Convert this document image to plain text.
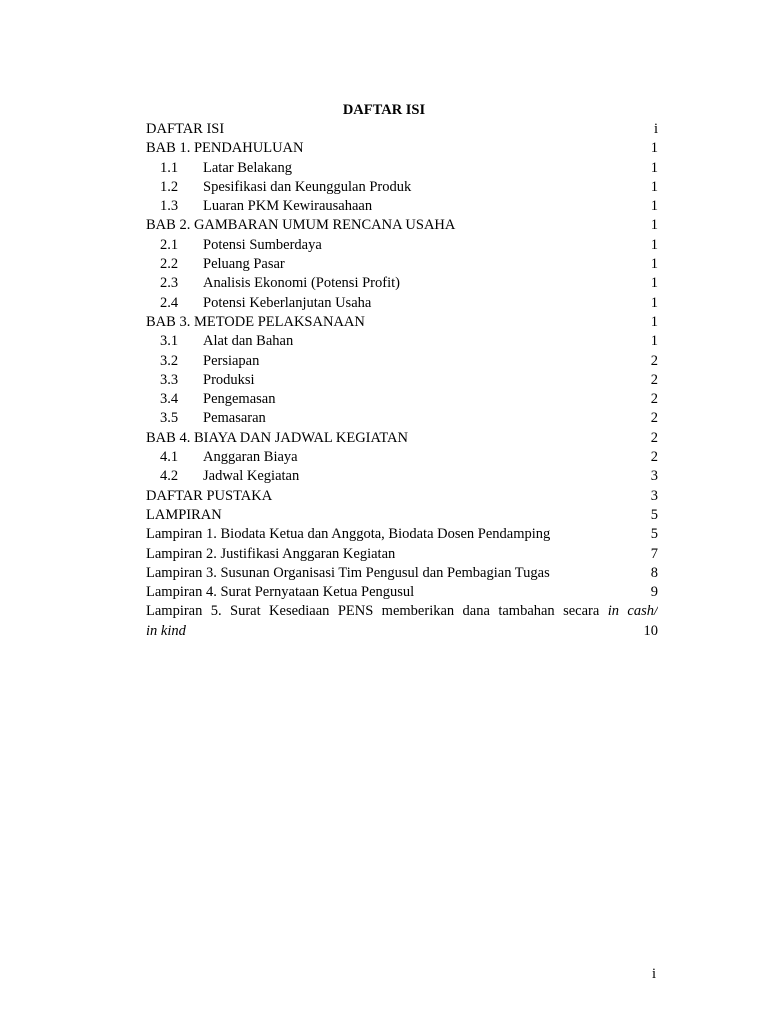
DAFTAR ISI
DAFTAR ISI	i
BAB 1. PENDAHULUAN	1
1.1	Latar Belakang	1
1.2	Spesifikasi dan Keunggulan Produk	1
1.3	Luaran PKM Kewirausahaan	1
BAB 2. GAMBARAN UMUM RENCANA USAHA	1
2.1	Potensi Sumberdaya	1
2.2	Peluang Pasar	1
2.3	Analisis Ekonomi (Potensi Profit)	1
2.4	Potensi Keberlanjutan Usaha	1
BAB 3. METODE PELAKSANAAN	1
3.1	Alat dan Bahan	1
3.2	Persiapan	2
3.3	Produksi	2
3.4	Pengemasan	2
3.5	Pemasaran	2
BAB 4. BIAYA DAN JADWAL KEGIATAN	2
4.1	Anggaran Biaya	2
4.2	Jadwal Kegiatan	3
DAFTAR PUSTAKA	3
LAMPIRAN	5
Lampiran 1. Biodata Ketua dan Anggota, Biodata Dosen Pendamping	5
Lampiran 2. Justifikasi Anggaran Kegiatan	7
Lampiran 3. Susunan Organisasi Tim Pengusul dan Pembagian Tugas	8
Lampiran 4. Surat Pernyataan Ketua Pengusul	9
Lampiran 5. Surat Kesediaan PENS memberikan dana tambahan secara in cash/
in kind	10
i
